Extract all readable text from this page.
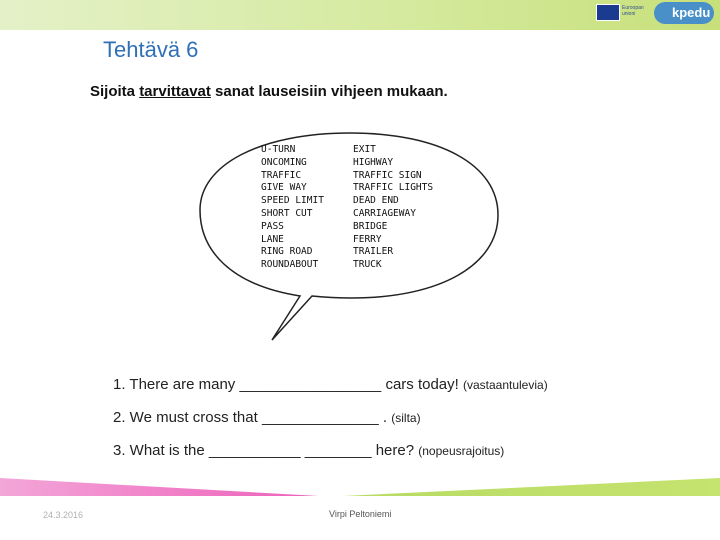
Euroopan unioni	kpedu
Tehtävä 6
Sijoita tarvittavat sanat lauseisiin vihjeen mukaan.
U-TURN
ONCOMING
TRAFFIC
GIVE WAY
SPEED LIMIT
SHORT CUT
PASS
LANE
RING ROAD
ROUNDABOUT
EXIT
HIGHWAY
TRAFFIC SIGN
TRAFFIC LIGHTS
DEAD END
CARRIAGEWAY
BRIDGE
FERRY
TRAILER
TRUCK
1. There are many _________________ cars today! (vastaantulevia)
2. We must cross that ______________ . (silta)
3. What is the ___________ ________ here? (nopeusrajoitus)
24.3.2016	Virpi Peltoniemi
